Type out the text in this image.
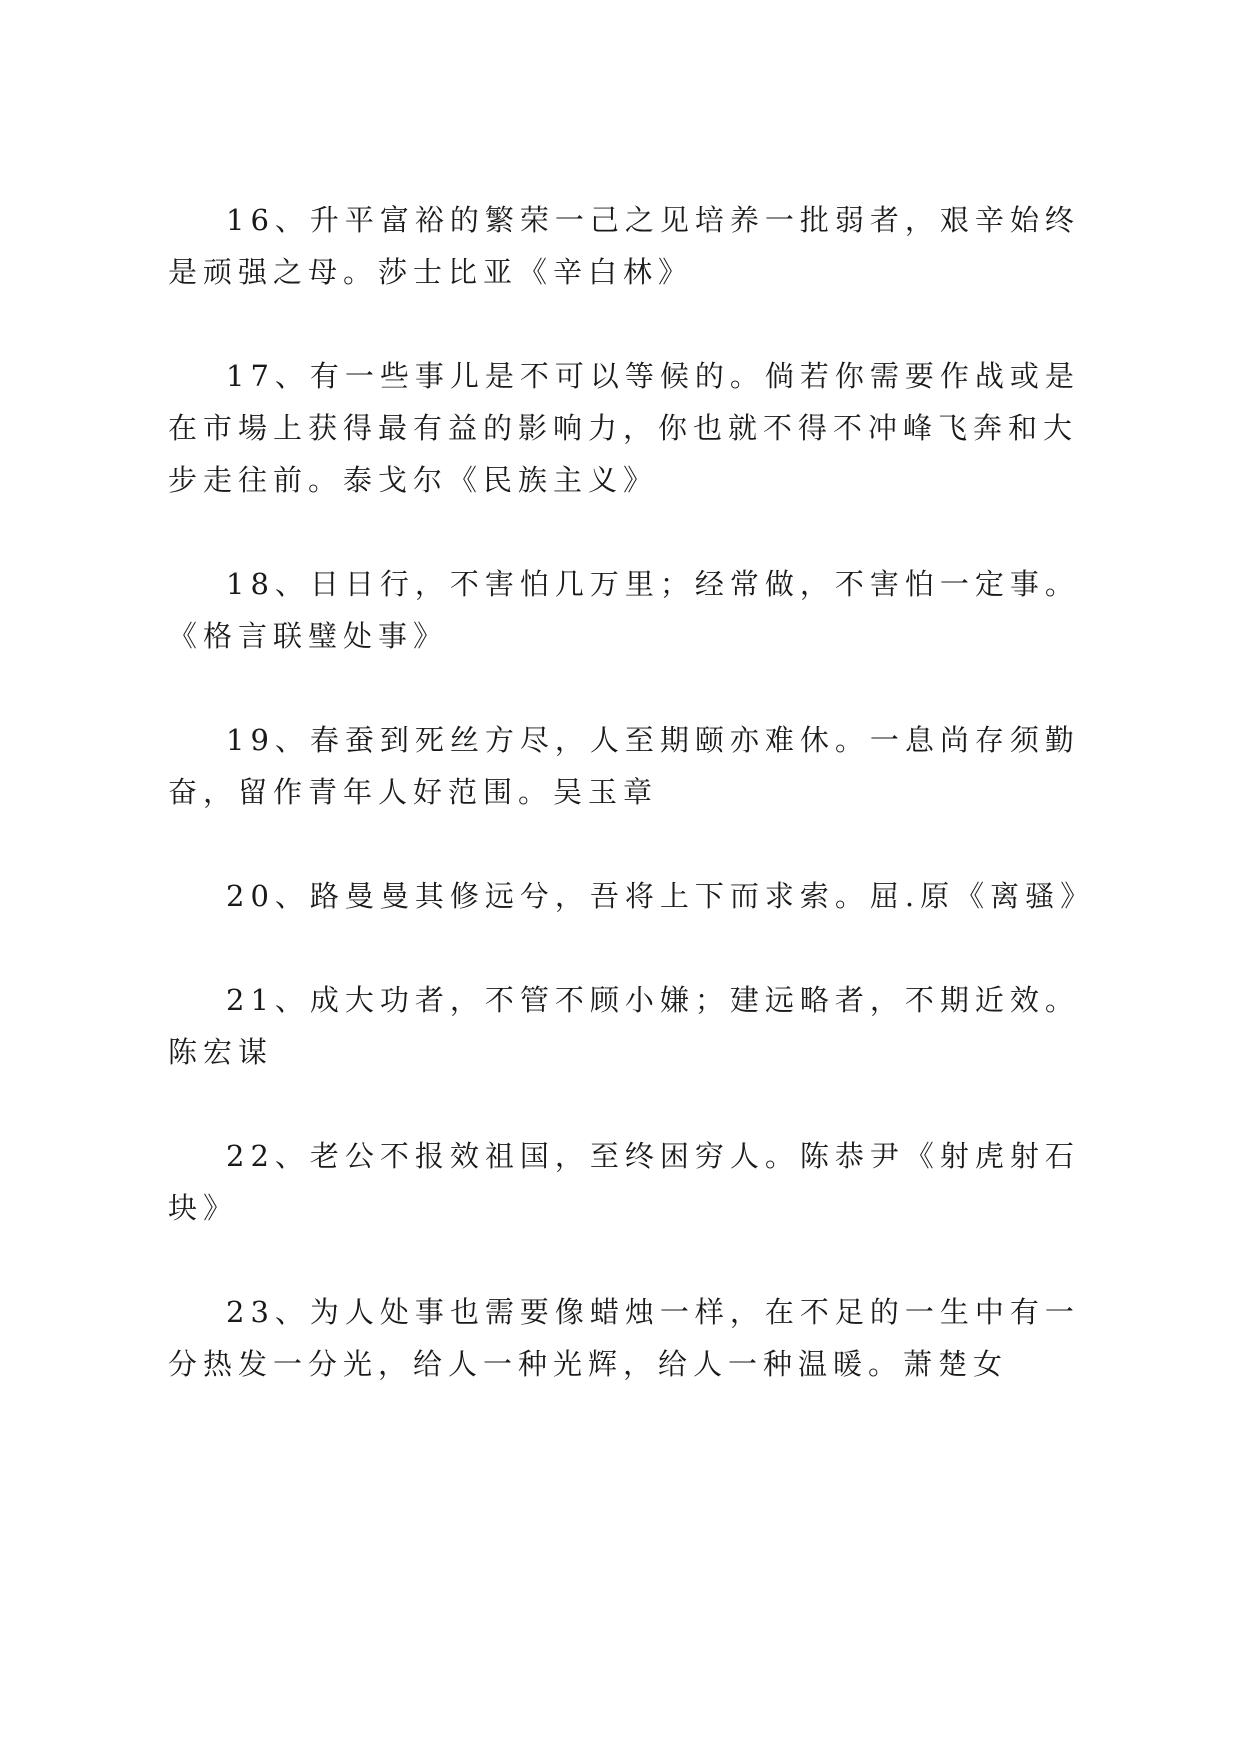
16、升平富裕的繁荣一己之见培养一批弱者，艰辛始终
是顽强之母。莎士比亚《辛白林》
17、有一些事儿是不可以等候的。倘若你需要作战或是
在市場上获得最有益的影响力，你也就不得不冲峰飞奔和大
步走往前。泰戈尔《民族主义》
18、日日行，不害怕几万里；经常做，不害怕一定事。
《格言联璧处事》
19、春蚕到死丝方尽，人至期颐亦难休。一息尚存须勤
奋，留作青年人好范围。吴玉章
20、路曼曼其修远兮，吾将上下而求索。屈.原《离骚》
21、成大功者，不管不顾小嫌；建远略者，不期近效。
陈宏谋
22、老公不报效祖国，至终困穷人。陈恭尹《射虎射石
块》
23、为人处事也需要像蜡烛一样，在不足的一生中有一
分热发一分光，给人一种光辉，给人一种温暖。萧楚女
